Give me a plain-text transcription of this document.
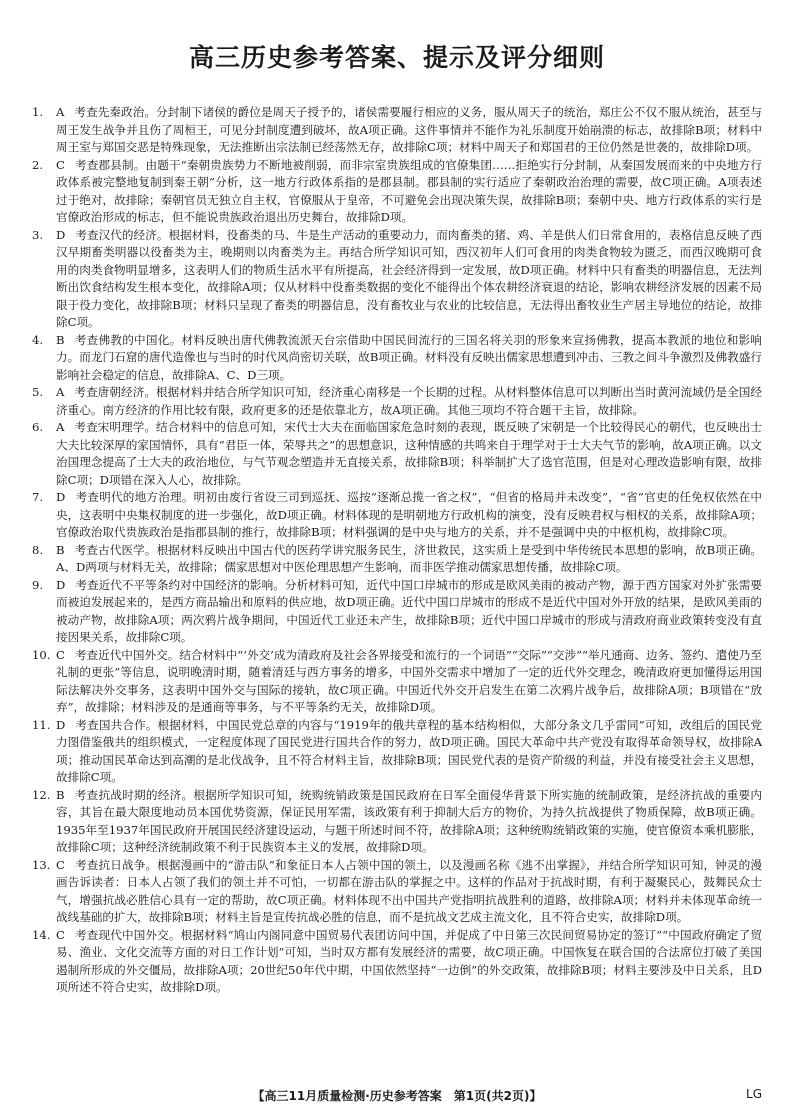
高三历史参考答案、提示及评分细则

1. A 考查先秦政治。分封制下诸侯的爵位是周天子授予的，诸侯需要履行相应的义务，服从周天子的统治，郑庄公不仅不服从统治，甚至与周王发生战争并且伤了周桓王，可见分封制度遭到破坏，故A项正确。这件事情并不能作为礼乐制度开始崩溃的标志，故排除B项；材料中周王室与郑国交恶是特殊现象，无法推断出宗法制已经荡然无存，故排除C项；材料中周天子和郑国君的王位仍然是世袭的，故排除D项。

2. C 考查郡县制。由题干“秦朝贵族势力不断地被削弱，而非宗室贵族组成的官僚集团……拒绝实行分封制，从秦国发展而来的中央地方行政体系被完整地复制到秦王朝”分析，这一地方行政体系指的是郡县制。郡县制的实行适应了秦朝政治治理的需要，故C项正确。A项表述过于绝对，故排除；秦朝官员无独立自主权，官僚服从于皇帝，不可避免会出现决策失误，故排除B项；秦朝中央、地方行政体系的实行是官僚政治形成的标志，但不能说贵族政治退出历史舞台，故排除D项。

3. D 考查汉代的经济。根据材料，役畜类的马、牛是生产活动的重要动力，而肉畜类的猪、鸡、羊是供人们日常食用的，表格信息反映了西汉早期畜类明器以役畜类为主，晚期则以肉畜类为主。再结合所学知识可知，西汉初年人们可食用的肉类食物较为匮乏，而西汉晚期可食用的肉类食物明显增多，这表明人们的物质生活水平有所提高，社会经济得到一定发展，故D项正确。材料中只有畜类的明器信息，无法判断出饮食结构发生根本变化，故排除A项；仅从材料中役畜类数据的变化不能得出个体农耕经济衰退的结论，影响农耕经济发展的因素不局限于役力变化，故排除B项；材料只呈现了畜类的明器信息，没有畜牧业与农业的比较信息，无法得出畜牧业生产居主导地位的结论，故排除C项。

4. B 考查佛教的中国化。材料反映出唐代佛教流派天台宗借助中国民间流行的三国名将关羽的形象来宣扬佛教，提高本教派的地位和影响力。而龙门石窟的唐代造像也与当时的时代风尚密切关联，故B项正确。材料没有反映出儒家思想遭到冲击、三教之间斗争激烈及佛教盛行影响社会稳定的信息，故排除A、C、D三项。

5. A 考查唐朝经济。根据材料并结合所学知识可知，经济重心南移是一个长期的过程。从材料整体信息可以判断出当时黄河流域仍是全国经济重心。南方经济的作用比较有限，政府更多的还是依靠北方，故A项正确。其他三项均不符合题干主旨，故排除。

6. A 考查宋明理学。结合材料中的信息可知，宋代士大夫在面临国家危急时刻的表现，既反映了宋朝是一个比较得民心的朝代，也反映出士大夫比较深厚的家国情怀，具有“君臣一体，荣辱共之”的思想意识，这种情感的共鸣来自于理学对于士大夫气节的影响，故A项正确。以文治国理念提高了士大夫的政治地位，与气节观念塑造并无直接关系，故排除B项；科举制扩大了选官范围，但是对心理改造影响有限，故排除C项；D项错在深入人心，故排除。

7. D 考查明代的地方治理。明初由废行省设三司到巡抚、巡按“逐渐总揽一省之权”，“但省的格局并未改变”，“省”官吏的任免权依然在中央，这表明中央集权制度的进一步强化，故D项正确。材料体现的是明朝地方行政机构的演变，没有反映君权与相权的关系，故排除A项；官僚政治取代贵族政治是指郡县制的推行，故排除B项；材料强调的是中央与地方的关系，并不是强调中央的中枢机构，故排除C项。

8. B 考查古代医学。根据材料反映出中国古代的医药学讲究服务民生，济世救民，这实质上是受到中华传统民本思想的影响，故B项正确。A、D两项与材料无关，故排除；儒家思想对中医伦理思想产生影响，而非医学推动儒家思想传播，故排除C项。

9. D 考查近代不平等条约对中国经济的影响。分析材料可知，近代中国口岸城市的形成是欧风美雨的被动产物，源于西方国家对外扩张需要而被迫发展起来的，是西方商品输出和原料的供应地，故D项正确。近代中国口岸城市的形成不是近代中国对外开放的结果，是欧风美雨的被动产物，故排除A项；两次鸦片战争期间，中国近代工业还未产生，故排除B项；近代中国口岸城市的形成与清政府商业政策转变没有直接因果关系，故排除C项。

10. C 考查近代中国外交。结合材料中“‘外交’成为清政府及社会各界接受和流行的一个词语”“交际”“交涉”“举凡通商、边务、签约、遣使乃至礼制的更张”等信息，说明晚清时期，随着清廷与西方事务的增多，中国外交需求中增加了一定的近代外交理念，晚清政府更加懂得运用国际法解决外交事务，这表明中国外交与国际的接轨，故C项正确。中国近代外交开启发生在第二次鸦片战争后，故排除A项；B项错在“放弃”，故排除；材料涉及的是通商等事务，与不平等条约无关，故排除D项。

11. D 考查国共合作。根据材料，中国民党总章的内容与“1919年的俄共章程的基本结构相似，大部分条文几乎雷同”可知，改组后的国民党力图借鉴俄共的组织模式，一定程度体现了国民党进行国共合作的努力，故D项正确。国民大革命中共产党没有取得革命领导权，故排除A项；推动国民革命达到高潮的是北伐战争，且不符合材料主旨，故排除B项；国民党代表的是资产阶级的利益，并没有接受社会主义思想，故排除C项。

12. B 考查抗战时期的经济。根据所学知识可知，统购统销政策是国民政府在日军全面侵华背景下所实施的统制政策，是经济抗战的重要内容，其旨在最大限度地动员本国优势资源，保证民用军需，该政策有利于抑制大后方的物价，为持久抗战提供了物质保障，故B项正确。1935年至1937年国民政府开展国民经济建设运动，与题干所述时间不符，故排除A项；这种统购统销政策的实施，使官僚资本乘机膨胀，故排除C项；这种经济统制政策不利于民族资本主义的发展，故排除D项。

13. C 考查抗日战争。根据漫画中的“游击队”和象征日本人占领中国的领土，以及漫画名称《逃不出掌握》，并结合所学知识可知，钟灵的漫画告诉读者：日本人占领了我们的领土并不可怕，一切都在游击队的掌握之中。这样的作品对于抗战时期，有利于凝聚民心，鼓舞民众士气，增强抗战必胜信心具有一定的帮助，故C项正确。材料体现不出中国共产党指明抗战胜利的道路，故排除A项；材料并未体现革命统一战线基础的扩大，故排除B项；材料主旨是宣传抗战必胜的信息，而不是抗战文艺成主流文化，且不符合史实，故排除D项。

14. C 考查现代中国外交。根据材料“鸠山内阁同意中国贸易代表团访问中国，并促成了中日第三次民间贸易协定的签订”“中国政府确定了贸易、渔业、文化交流等方面的对日工作计划”可知，当时双方都有发展经济的需要，故C项正确。中国恢复在联合国的合法席位打破了美国遏制所形成的外交僵局，故排除A项；20世纪50年代中期，中国依然坚持“一边倒”的外交政策，故排除B项；材料主要涉及中日关系，且D项所述不符合史实，故排除D项。

【高三11月质量检测·历史参考答案　第1页(共2页)】	LG
